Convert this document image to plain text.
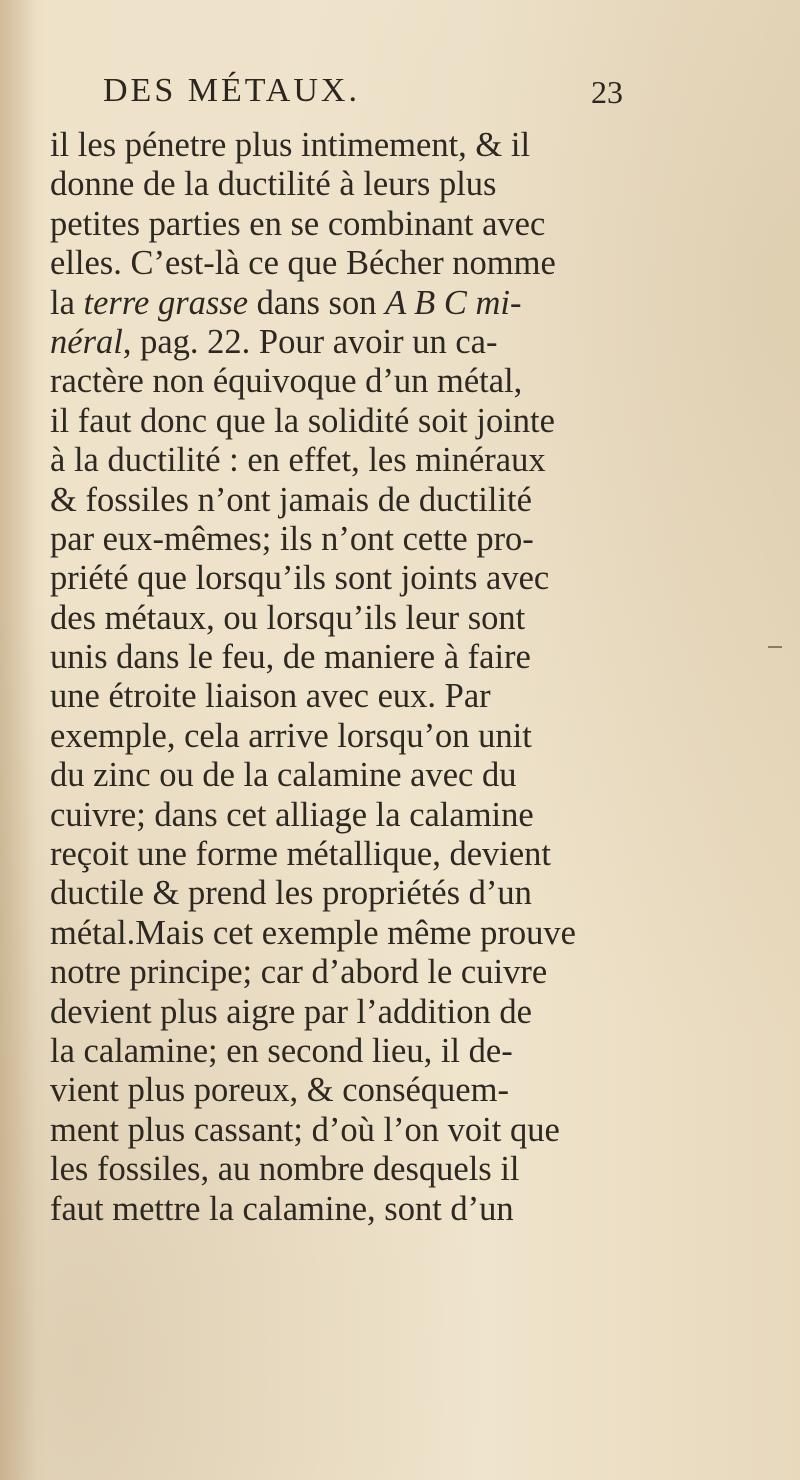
DES MÉTAUX.	23
il les pénetre plus intimement, & il
donne de la ductilité à leurs plus
petites parties en se combinant avec
elles. C’est-là ce que Bécher nomme
la terre grasse dans son A B C mi-
néral, pag. 22. Pour avoir un ca-
ractère non équivoque d’un métal,
il faut donc que la solidité soit jointe
à la ductilité : en effet, les minéraux
& fossiles n’ont jamais de ductilité
par eux-mêmes; ils n’ont cette pro-
priété que lorsqu’ils sont joints avec
des métaux, ou lorsqu’ils leur sont
unis dans le feu, de maniere à faire
une étroite liaison avec eux. Par
exemple, cela arrive lorsqu’on unit
du zinc ou de la calamine avec du
cuivre; dans cet alliage la calamine
reçoit une forme métallique, devient
ductile & prend les propriétés d’un
métal.Mais cet exemple même prouve
notre principe; car d’abord le cuivre
devient plus aigre par l’addition de
la calamine; en second lieu, il de-
vient plus poreux, & conséquem-
ment plus cassant; d’où l’on voit que
les fossiles, au nombre desquels il
faut mettre la calamine, sont d’un
